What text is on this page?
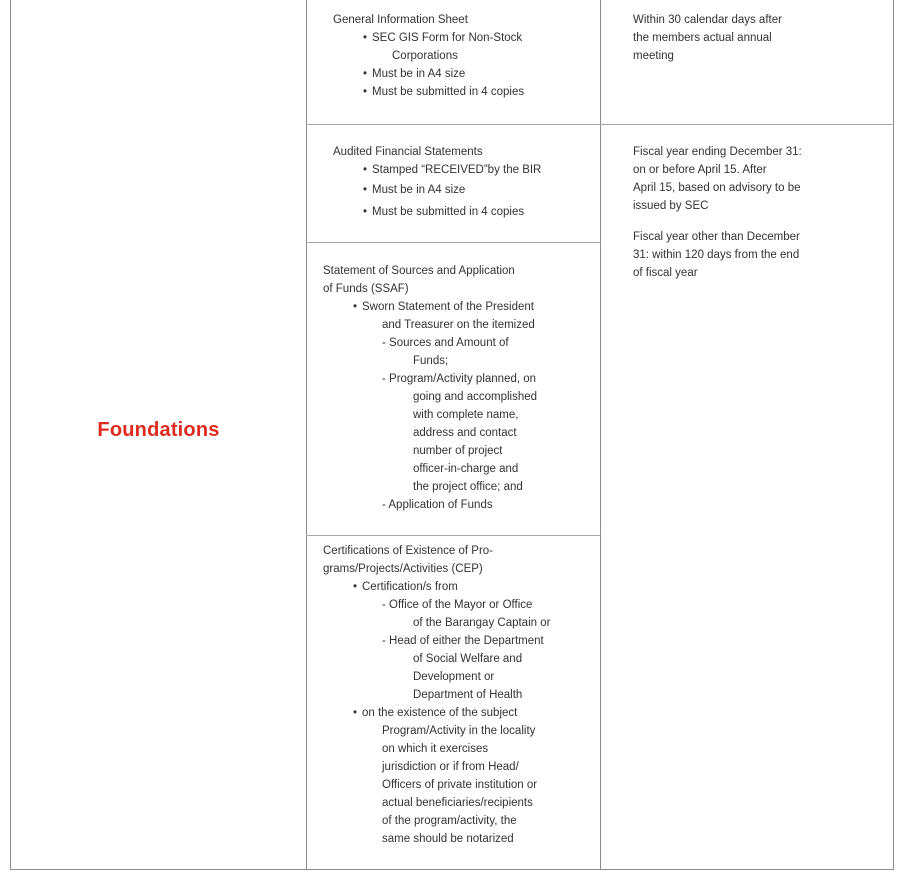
Foundations
General Information Sheet
• SEC GIS Form for Non-Stock
Corporations
• Must be in A4 size
• Must be submitted in 4 copies
Within 30 calendar days after
the members actual annual
meeting
Audited Financial Statements
• Stamped “RECEIVED”by the BIR
• Must be in A4 size
• Must be submitted in 4 copies
Fiscal year ending December 31:
on or before April 15. After
April 15, based on advisory to be
issued by SEC
Fiscal year other than December
31: within 120 days from the end
of fiscal year
Statement of Sources and Application
of Funds (SSAF)
• Sworn Statement of the President
and Treasurer on the itemized
- Sources and Amount of
Funds;
- Program/Activity planned, on
going and accomplished
with complete name,
address and contact
number of project
officer-in-charge and
the project office; and
- Application of Funds
Certifications of Existence of Pro-
grams/Projects/Activities (CEP)
• Certification/s from
- Office of the Mayor or Office
of the Barangay Captain or
- Head of either the Department
of Social Welfare and
Development or
Department of Health
• on the existence of the subject
Program/Activity in the locality
on which it exercises
jurisdiction or if from Head/
Officers of private institution or
actual beneficiaries/recipients
of the program/activity, the
same should be notarized
